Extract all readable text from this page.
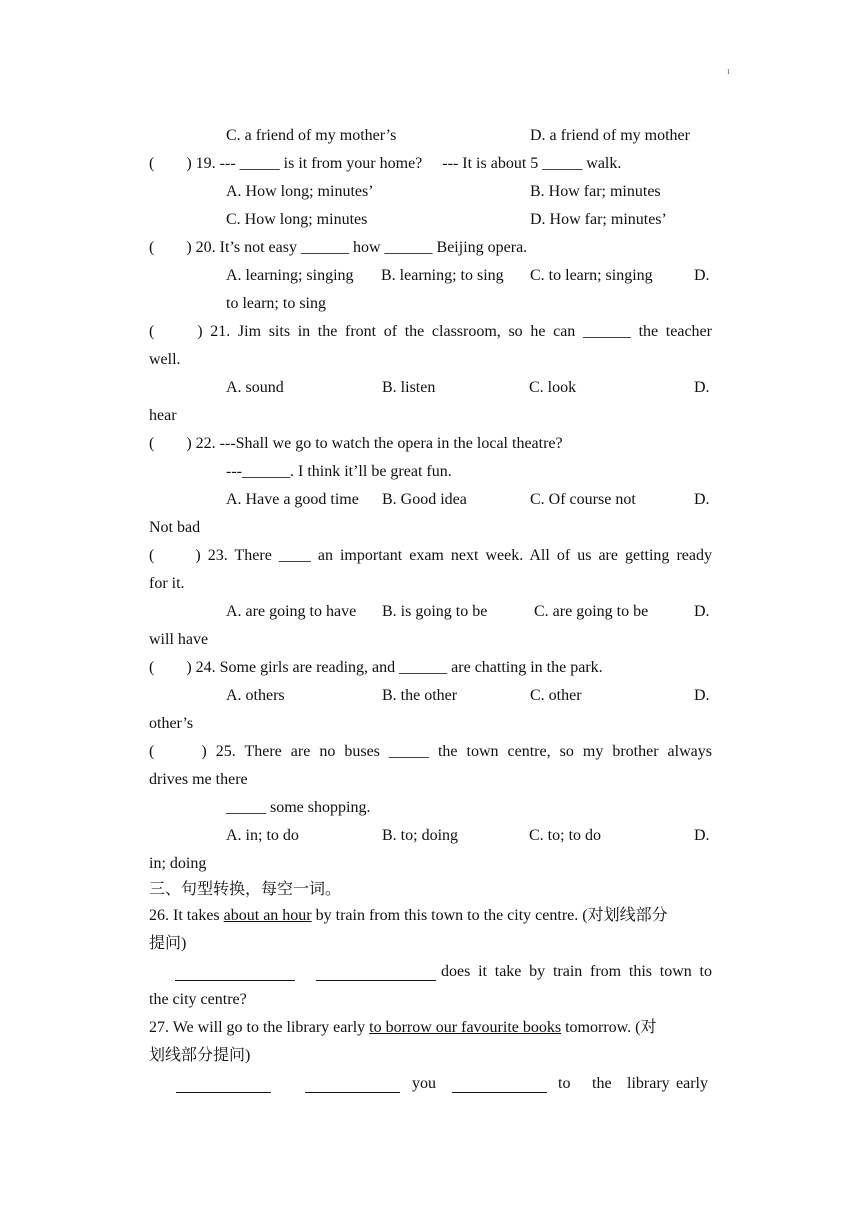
ı
C. a friend of my mother’s	D. a friend of my mother
(　　) 19. --- _____ is it from your home?　 --- It is about 5 _____ walk.
A. How long; minutes’	B. How far; minutes
C. How long; minutes	D. How far; minutes’
(　　) 20. It’s not easy ______ how ______ Beijing opera.
A. learning; singing B. learning; to sing C. to learn; singing	D.
to learn; to sing
(　　) 21. Jim sits in the front of the classroom, so he can ______ the teacher
well.
A. sound	B. listen	C. look	D.
hear
(　　) 22. ---Shall we go to watch the opera in the local theatre?
---______. I think it’ll be great fun.
A. Have a good time B. Good idea	C. Of course not	D.
Not bad
(　　) 23. There ____ an important exam next week. All of us are getting ready
for it.
A. are going to have B. is going to be	C. are going to be	D.
will have
(　　) 24. Some girls are reading, and ______ are chatting in the park.
A. others	B. the other	C. other	D.
other’s
(　　) 25. There are no buses _____ the town centre, so my brother always
drives me there
_____ some shopping.
A. in; to do	B. to; doing	C. to; to do	D.
in; doing
三、句型转换，每空一词。
26. It takes about an hour by train from this town to the city centre. (对划线部分
提问)
does it take by train from this town to
the city centre?
27. We will go to the library early to borrow our favourite books tomorrow. (对
划线部分提问)
you	to the library early
